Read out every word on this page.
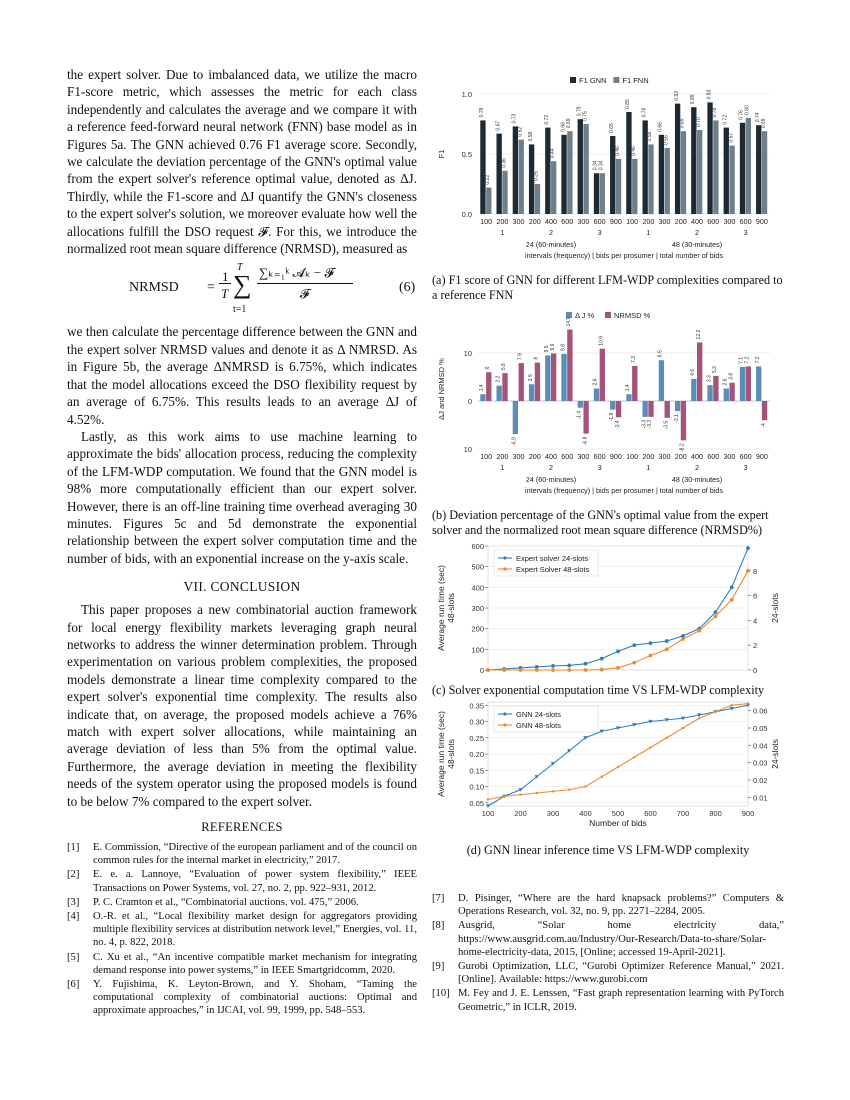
the expert solver. Due to imbalanced data, we utilize the macro F1-score metric, which assesses the metric for each class independently and calculates the average and we compare it with a reference feed-forward neural network (FNN) base model as in Figures 5a. The GNN achieved 0.76 F1 average score. Secondly, we calculate the deviation percentage of the GNN's optimal value from the expert solver's reference optimal value, denoted as ΔJ. Thirdly, while the F1-score and ΔJ quantify the GNN's closeness to the expert solver's solution, we moreover evaluate how well the allocations fulfill the DSO request 𝓕. For this, we introduce the normalized root mean square difference (NRMSD), measured as

NRMSD =
1
T
T
∑
t=1
∑ₖ₌₁ᵏ 𝓐ₖ − 𝓕
𝓕	(6)

we then calculate the percentage difference between the GNN and the expert solver NRMSD values and denote it as Δ NMRSD. As in Figure 5b, the average ΔNMRSD is 6.75%, which indicates that the model allocations exceed the DSO flexibility request by an average of 6.75%. This results leads to an average ΔJ of 4.52%.

Lastly, as this work aims to use machine learning to approximate the bids' allocation process, reducing the complexity of the LFM-WDP computation. We found that the GNN model is 98% more computationally efficient than our expert solver. However, there is an off-line training time overhead averaging 30 minutes. Figures 5c and 5d demonstrate the exponential relationship between the expert solver computation time and the number of bids, with an exponential increase on the y-axis scale.

VII. CONCLUSION

This paper proposes a new combinatorial auction framework for local energy flexibility markets leveraging graph neural networks to address the winner determination problem. Through experimentation on various problem complexities, the proposed models demonstrate a linear time complexity compared to the expert solver's exponential time complexity. The results also indicate that, on average, the proposed models achieve a 76% match with expert solver allocations, while maintaining an average deviation of less than 5% from the optimal value. Furthermore, the average deviation in meeting the flexibility needs of the system operator using the proposed models is found to be below 7% compared to the expert solver.

REFERENCES
[1]	E. Commission, “Directive of the european parliament and of the council on common rules for the internal market in electricity,” 2017.
[2]	E. e. a. Lannoye, “Evaluation of power system flexibility,” IEEE Transactions on Power Systems, vol. 27, no. 2, pp. 922–931, 2012.
[3]	P. C. Cramton et al., “Combinatorial auctions. vol. 475,” 2006.
[4]	O.-R. et al., “Local flexibility market design for aggregators providing multiple flexibility services at distribution network level,” Energies, vol. 11, no. 4, p. 822, 2018.
[5]	C. Xu et al., “An incentive compatible market mechanism for integrating demand response into power systems,” in IEEE Smartgridcomm, 2020.
[6]	Y. Fujishima, K. Leyton-Brown, and Y. Shoham, “Taming the computational complexity of combinatorial auctions: Optimal and approximate approaches,” in IJCAI, vol. 99, 1999, pp. 548–553.
F1 GNN F1 FNN
F1
0.0
0.5
1.0
0.78
0.22
100
0.67
0.36
200
0.73
0.62
300
0.58
0.25
200
0.72
0.44
400
0.66 0.69
600
0.79 0.75
300
0.34 0.34
600
0.65
0.46
900
0.85
0.46
100
0.78
0.58
200
0.66
0.55
300
0.92
0.69
200
0.89
0.70
400
0.93
0.78
600
0.72
0.57
300
0.76 0.80
600
0.74
0.69
900
1	2	3	1	2	3
24 (60-minutes)	48 (30-minutes)
intervals (frequency) | bids per prosumer | total number of bids

(a) F1 score of GNN for different LFM-WDP complexities compared to a reference FNN

Δ J %	NRMSD %
ΔJ and NRMSD %
10
0
10
1.4
6
100
3.2
5.8
200
-6.9
7.9
300
3.5
8
200
9.5 9.9
400
9.8
14.9
600
-1.4
-6.8
300
2.6
10.9
600
-1.8
-3.4
900
1.4
7.3
100
-3.3 -3.3
200
8.5
-3.5
300
-2.1
-8.2
200
4.6
12.2
400
3.3
5.2
600
2.6
3.8
300
7.1 7.2
600
7.2
-4
900
1	2	3	1	2	3
24 (60-minutes)	48 (30-minutes)
intervals (frequency) | bids per prosumer | total number of bids

(b) Deviation percentage of the GNN's optimal value from the expert solver and the normalized root mean square difference (NRMSD%)

0
100
200
300
400
500
600
0
2
4
6
8
Average run time (sec) 48-slots	24-slots
Expert solver 24-slots
Expert Solver 48-slots

(c) Solver exponential computation time VS LFM-WDP complexity

0.05
0.10
0.15
0.20
0.25
0.30
0.35
0.01
0.02
0.03
0.04
0.05
0.06
Average run time (sec) 48-slots	24-slots
100	200	300	400	500	600	700	800	900
Number of bids
GNN 24-slots
GNN 48-slots

(d) GNN linear inference time VS LFM-WDP complexity

[7]	D. Pisinger, “Where are the hard knapsack problems?” Computers & Operations Research, vol. 32, no. 9, pp. 2271–2284, 2005.
[8]	Ausgrid, “Solar home electricity data,” https://www.ausgrid.com.au/Industry/Our-Research/Data-to-share/Solar-home-electricity-data, 2015, [Online; accessed 19-April-2021].
[9]	Gurobi Optimization, LLC, “Gurobi Optimizer Reference Manual,” 2021. [Online]. Available: https://www.gurobi.com
[10] M. Fey and J. E. Lenssen, “Fast graph representation learning with PyTorch Geometric,” in ICLR, 2019.
